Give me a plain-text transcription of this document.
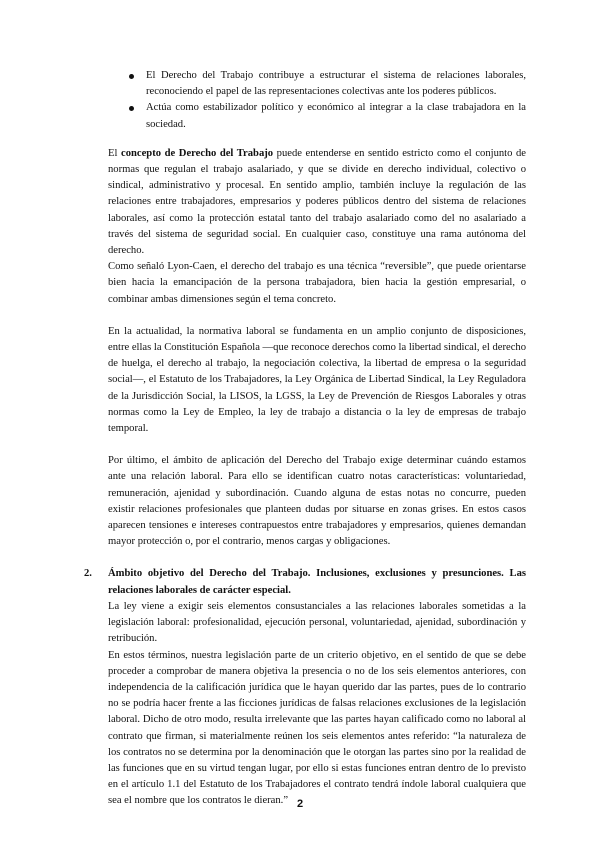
El Derecho del Trabajo contribuye a estructurar el sistema de relaciones laborales, reconociendo el papel de las representaciones colectivas ante los poderes públicos.
Actúa como estabilizador político y económico al integrar a la clase trabajadora en la sociedad.

El concepto de Derecho del Trabajo puede entenderse en sentido estricto como el conjunto de normas que regulan el trabajo asalariado, y que se divide en derecho individual, colectivo o sindical, administrativo y procesal. En sentido amplio, también incluye la regulación de las relaciones entre trabajadores, empresarios y poderes públicos dentro del sistema de relaciones laborales, así como la protección estatal tanto del trabajo asalariado como del no asalariado a través del sistema de seguridad social. En cualquier caso, constituye una rama autónoma del derecho.

Como señaló Lyon-Caen, el derecho del trabajo es una técnica “reversible”, que puede orientarse bien hacia la emancipación de la persona trabajadora, bien hacia la gestión empresarial, o combinar ambas dimensiones según el tema concreto.

En la actualidad, la normativa laboral se fundamenta en un amplio conjunto de disposiciones, entre ellas la Constitución Española —que reconoce derechos como la libertad sindical, el derecho de huelga, el derecho al trabajo, la negociación colectiva, la libertad de empresa o la seguridad social—, el Estatuto de los Trabajadores, la Ley Orgánica de Libertad Sindical, la Ley Reguladora de la Jurisdicción Social, la LISOS, la LGSS, la Ley de Prevención de Riesgos Laborales y otras normas como la Ley de Empleo, la ley de trabajo a distancia o la ley de empresas de trabajo temporal.

Por último, el ámbito de aplicación del Derecho del Trabajo exige determinar cuándo estamos ante una relación laboral. Para ello se identifican cuatro notas características: voluntariedad, remuneración, ajenidad y subordinación. Cuando alguna de estas notas no concurre, pueden existir relaciones profesionales que planteen dudas por situarse en zonas grises. En estos casos aparecen tensiones e intereses contrapuestos entre trabajadores y empresarios, quienes demandan mayor protección o, por el contrario, menos cargas y obligaciones.

2. Ámbito objetivo del Derecho del Trabajo. Inclusiones, exclusiones y presunciones. Las relaciones laborales de carácter especial.

La ley viene a exigir seis elementos consustanciales a las relaciones laborales sometidas a la legislación laboral: profesionalidad, ejecución personal, voluntariedad, ajenidad, subordinación y retribución.

En estos términos, nuestra legislación parte de un criterio objetivo, en el sentido de que se debe proceder a comprobar de manera objetiva la presencia o no de los seis elementos anteriores, con independencia de la calificación jurídica que le hayan querido dar las partes, pues de lo contrario no se podría hacer frente a las ficciones jurídicas de falsas relaciones exclusiones de la legislación laboral. Dicho de otro modo, resulta irrelevante que las partes hayan calificado como no laboral al contrato que firman, si materialmente reúnen los seis elementos antes referido: “la naturaleza de los contratos no se determina por la denominación que le otorgan las partes sino por la realidad de las funciones que en su virtud tengan lugar, por ello si estas funciones entran dentro de lo previsto en el artículo 1.1 del Estatuto de los Trabajadores el contrato tendrá índole laboral cualquiera que sea el nombre que los contratos le dieran.” 2
